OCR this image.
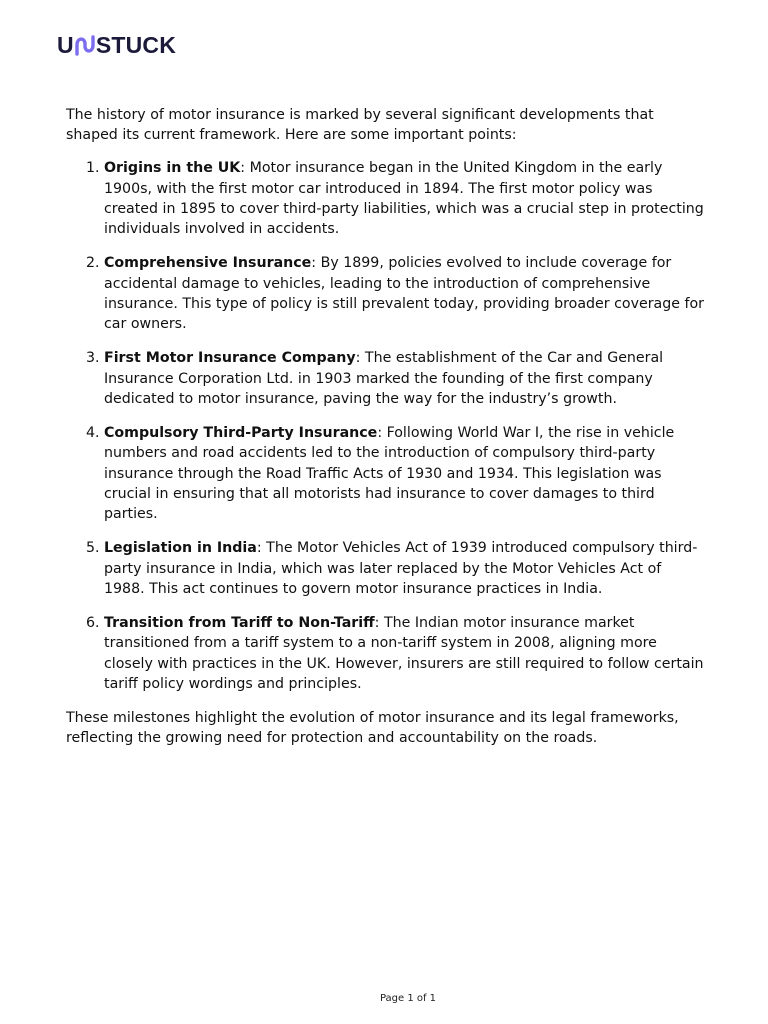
U STUCK

The history of motor insurance is marked by several significant developments that shaped its current framework. Here are some important points:

1. Origins in the UK: Motor insurance began in the United Kingdom in the early 1900s, with the first motor car introduced in 1894. The first motor policy was created in 1895 to cover third-party liabilities, which was a crucial step in protecting individuals involved in accidents.
2. Comprehensive Insurance: By 1899, policies evolved to include coverage for accidental damage to vehicles, leading to the introduction of comprehensive insurance. This type of policy is still prevalent today, providing broader coverage for car owners.
3. First Motor Insurance Company: The establishment of the Car and General Insurance Corporation Ltd. in 1903 marked the founding of the first company dedicated to motor insurance, paving the way for the industry’s growth.
4. Compulsory Third-Party Insurance: Following World War I, the rise in vehicle numbers and road accidents led to the introduction of compulsory third-party insurance through the Road Traffic Acts of 1930 and 1934. This legislation was crucial in ensuring that all motorists had insurance to cover damages to third parties.
5. Legislation in India: The Motor Vehicles Act of 1939 introduced compulsory third-party insurance in India, which was later replaced by the Motor Vehicles Act of 1988. This act continues to govern motor insurance practices in India.
6. Transition from Tariff to Non-Tariff: The Indian motor insurance market transitioned from a tariff system to a non-tariff system in 2008, aligning more closely with practices in the UK. However, insurers are still required to follow certain tariff policy wordings and principles.

These milestones highlight the evolution of motor insurance and its legal frameworks, reflecting the growing need for protection and accountability on the roads.

Page 1 of 1
